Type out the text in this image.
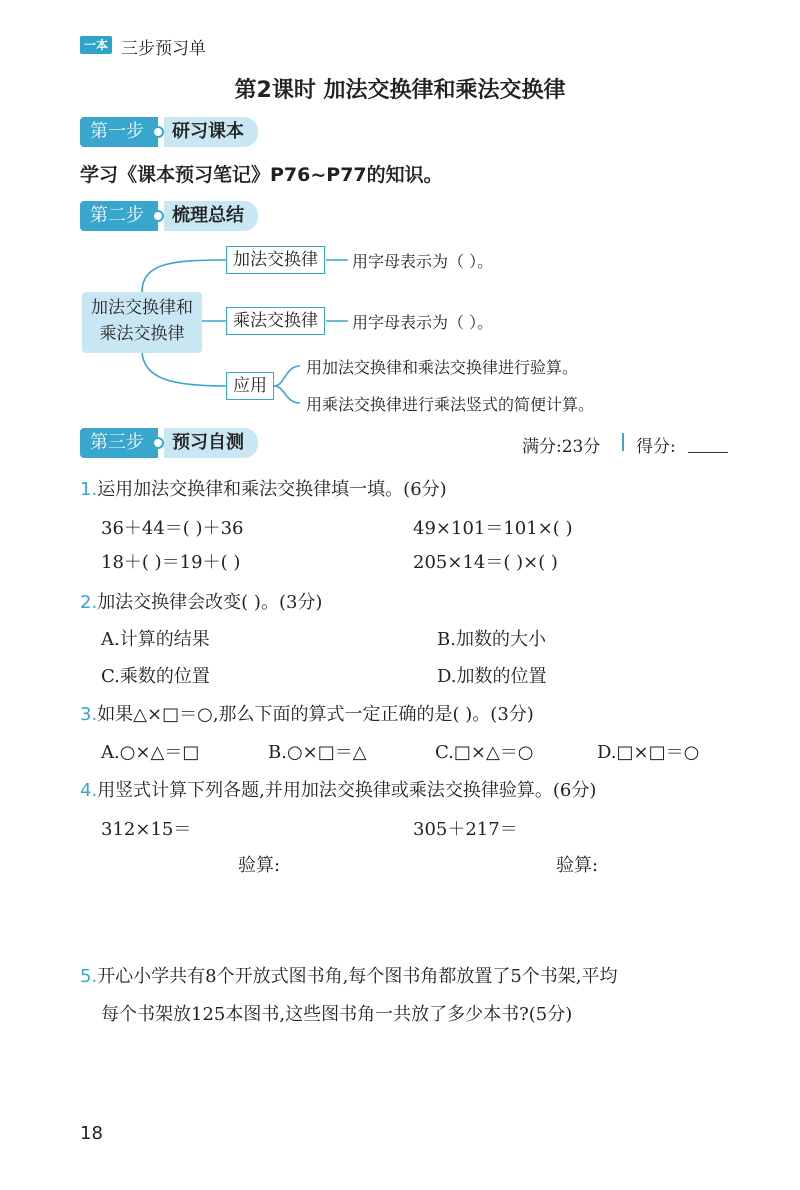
一本 三步预习单
第2课时 加法交换律和乘法交换律
第一步	研习课本
学习《课本预习笔记》P76~P77的知识。
第二步	梳理总结
加法交换律和
乘法交换律
加法交换律	用字母表示为（ ）。
乘法交换律	用字母表示为（ ）。
应用
用加法交换律和乘法交换律进行验算。
用乘法交换律进行乘法竖式的简便计算。
第三步	预习自测	满分:23分 得分:
1.运用加法交换律和乘法交换律填一填。(6分)
36＋44＝( )＋36	49×101＝101×( )
18＋( )＝19＋( )	205×14＝( )×( )
2.加法交换律会改变( )。(3分)
A.计算的结果	B.加数的大小
C.乘数的位置	D.加数的位置
3.如果△×□＝○,那么下面的算式一定正确的是( )。(3分)
A.○×△＝□	B.○×□＝△	C.□×△＝○	D.□×□＝○
4.用竖式计算下列各题,并用加法交换律或乘法交换律验算。(6分)
312×15＝	305＋217＝
验算:	验算:
5.开心小学共有8个开放式图书角,每个图书角都放置了5个书架,平均
每个书架放125本图书,这些图书角一共放了多少本书?(5分)
18
